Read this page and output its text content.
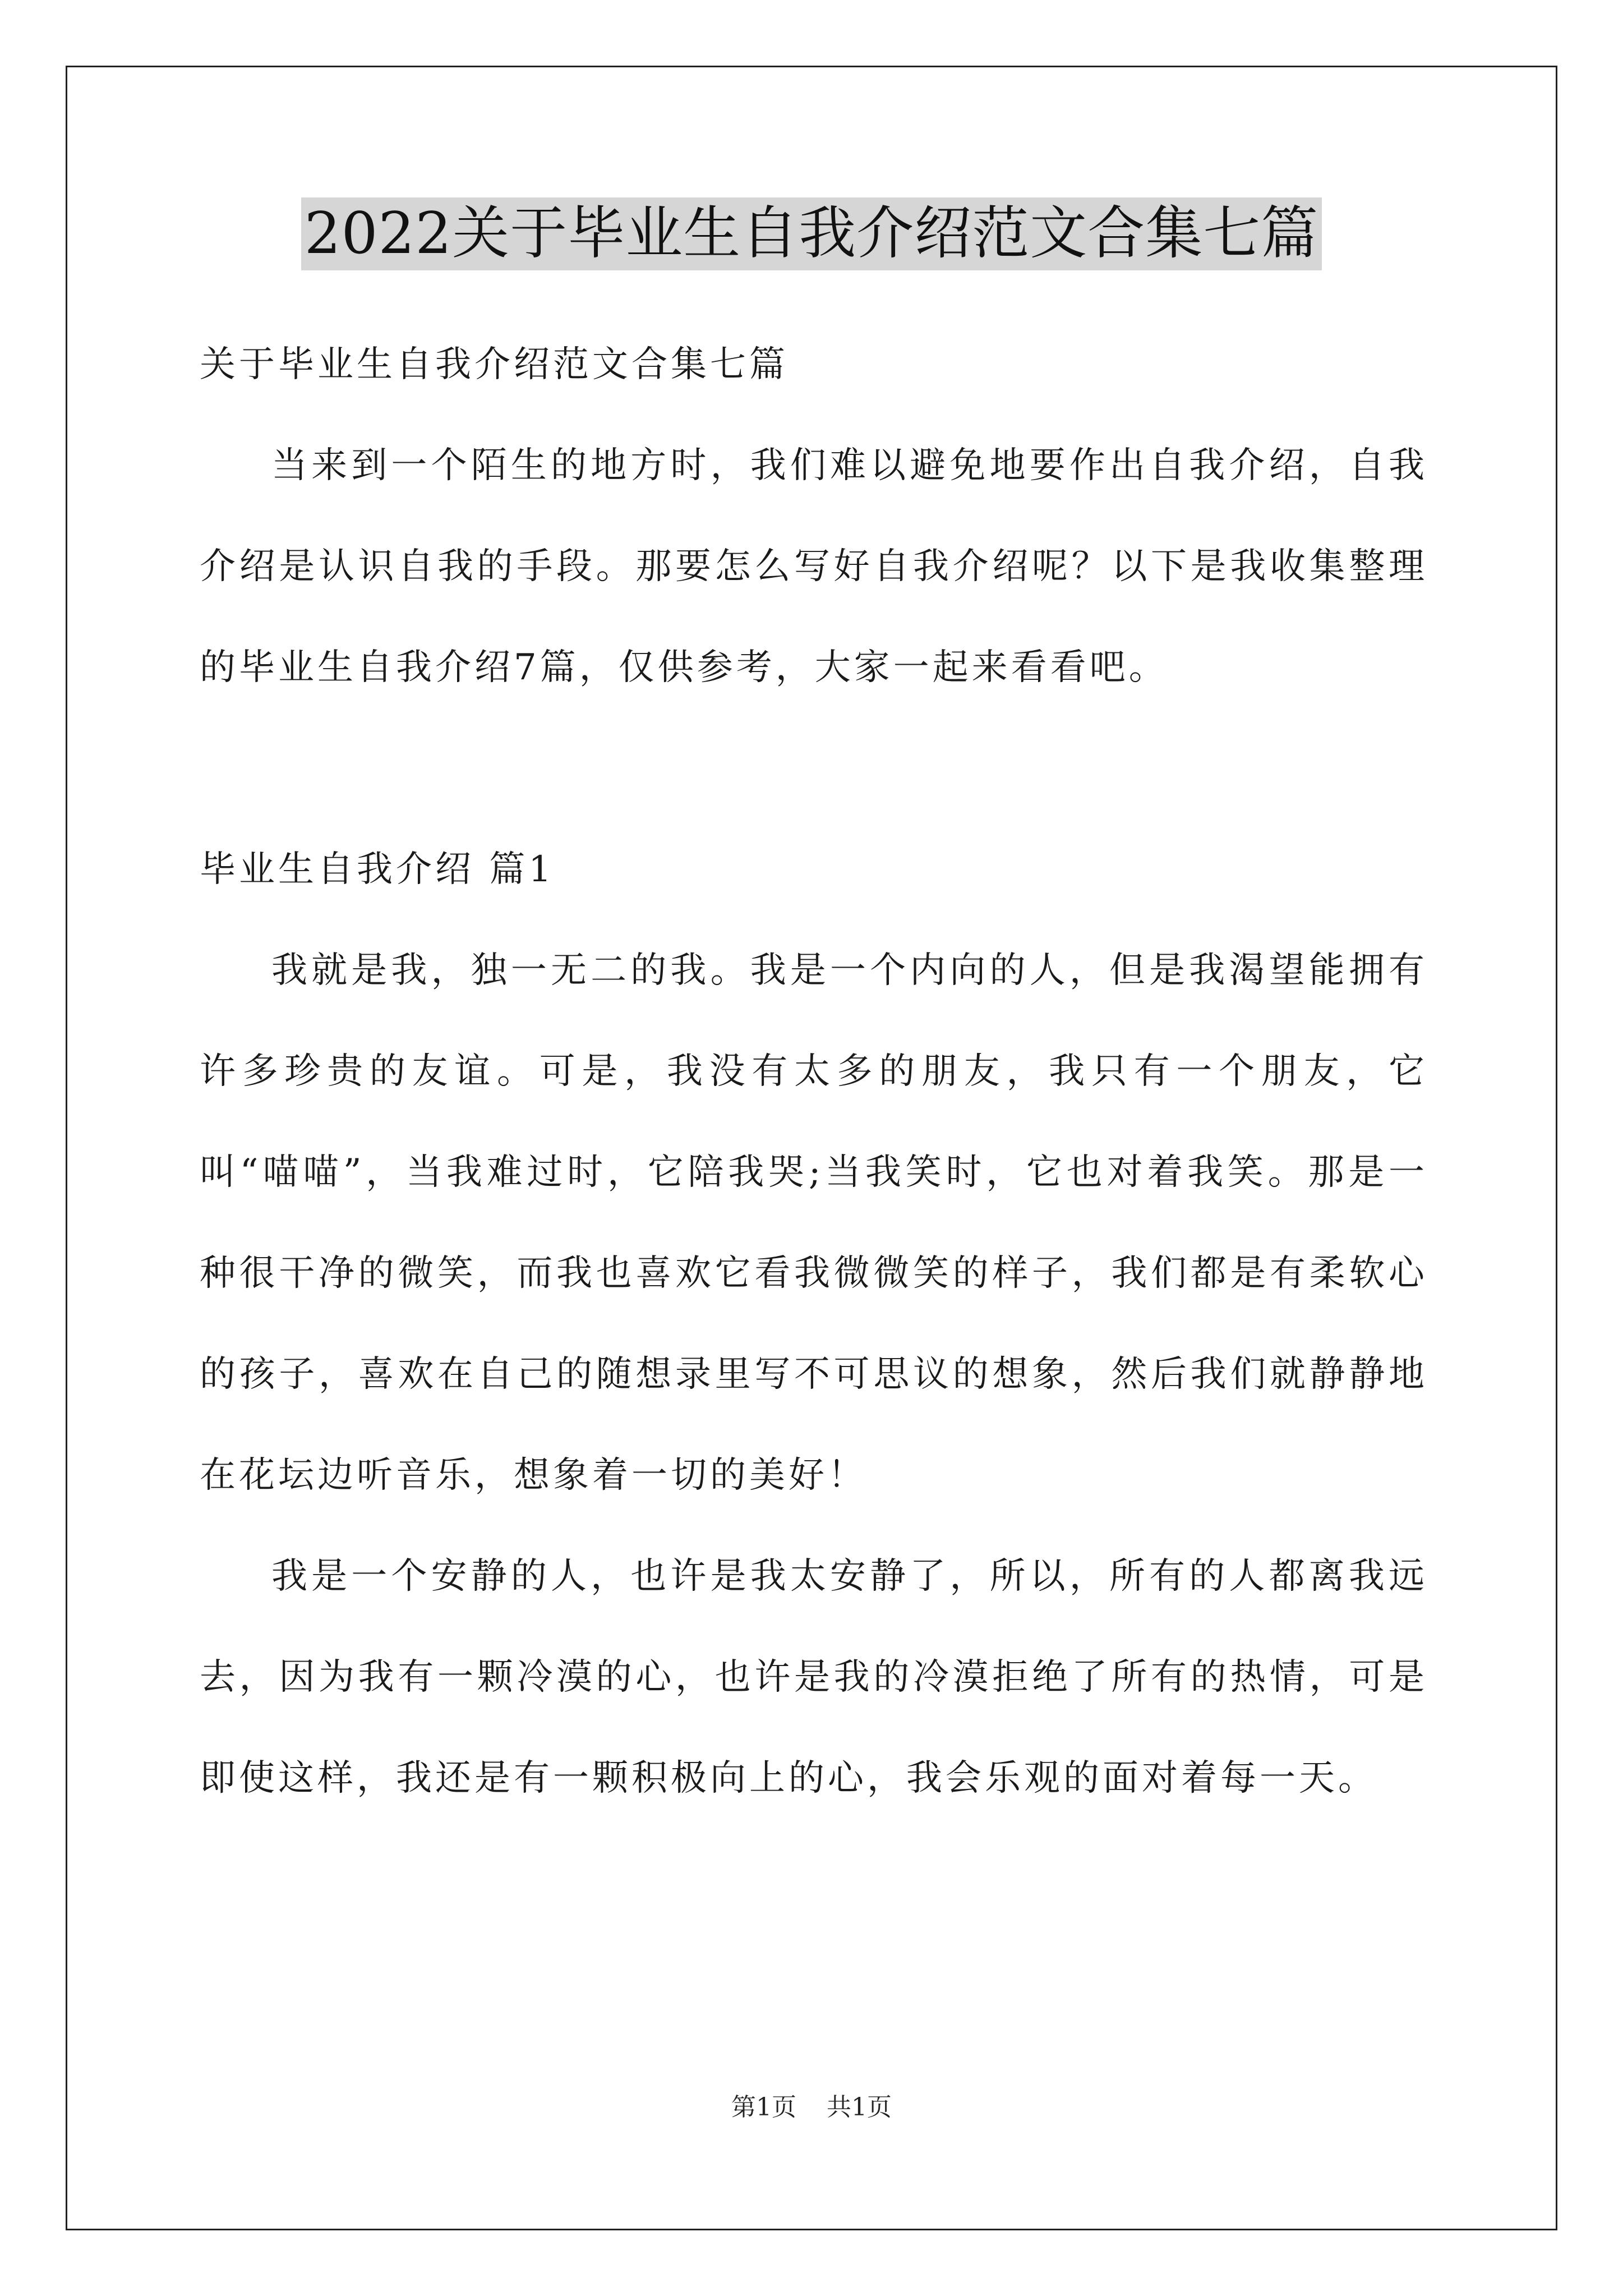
2022关于毕业生自我介绍范文合集七篇
关于毕业生自我介绍范文合集七篇

当来到一个陌生的地方时，我们难以避免地要作出自我介绍，自我介绍是认识自我的手段。那要怎么写好自我介绍呢？以下是我收集整理的毕业生自我介绍7篇，仅供参考，大家一起来看看吧。

毕业生自我介绍 篇1

我就是我，独一无二的我。我是一个内向的人，但是我渴望能拥有许多珍贵的友谊。可是，我没有太多的朋友，我只有一个朋友，它叫“喵喵”，当我难过时，它陪我哭;当我笑时，它也对着我笑。那是一种很干净的微笑，而我也喜欢它看我微微笑的样子，我们都是有柔软心的孩子，喜欢在自己的随想录里写不可思议的想象，然后我们就静静地在花坛边听音乐，想象着一切的美好！

我是一个安静的人，也许是我太安静了，所以，所有的人都离我远去，因为我有一颗冷漠的心，也许是我的冷漠拒绝了所有的热情，可是即使这样，我还是有一颗积极向上的心，我会乐观的面对着每一天。

第1页 共1页
